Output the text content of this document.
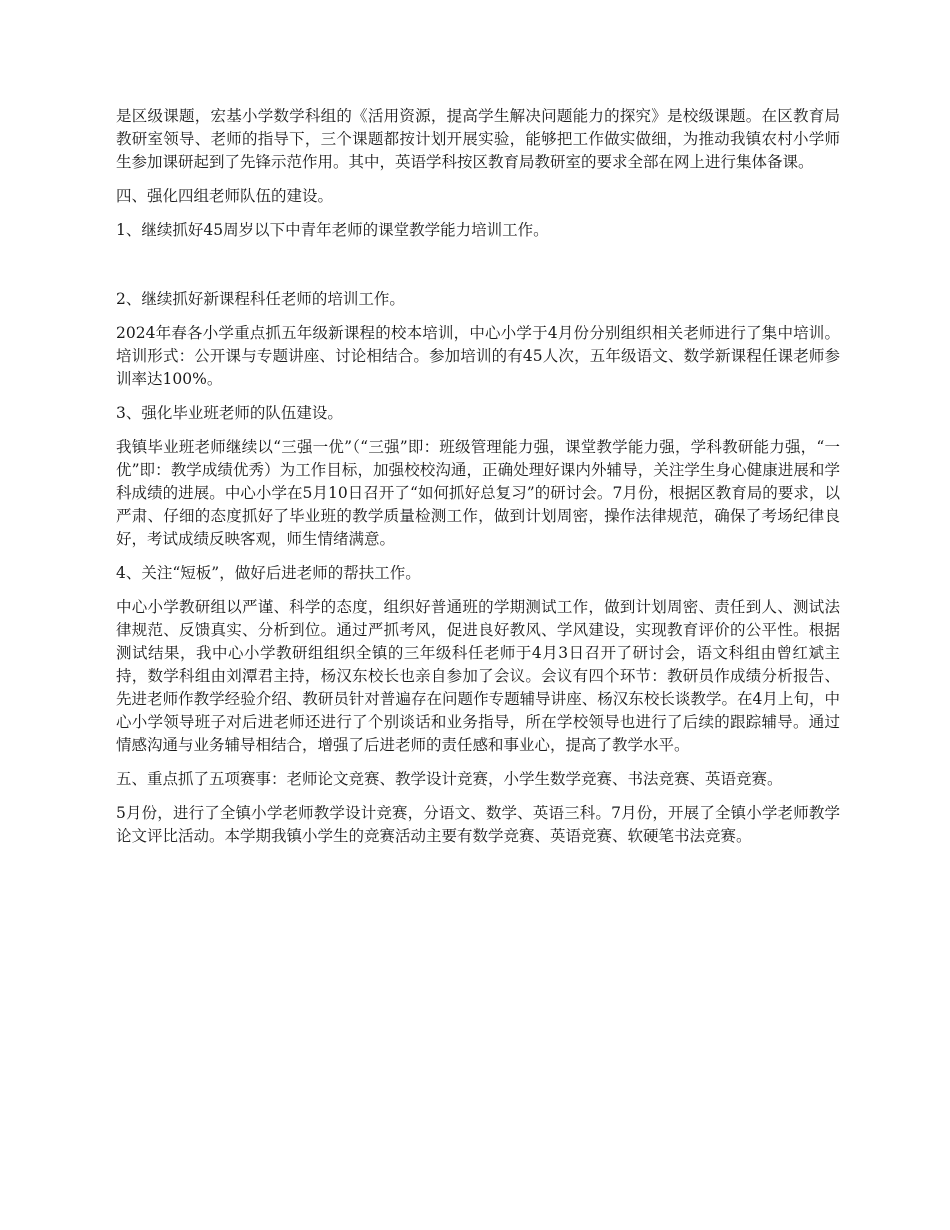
是区级课题，宏基小学数学科组的《活用资源，提高学生解决问题能力的探究》是校级课题。在区教育局教研室领导、老师的指导下，三个课题都按计划开展实验，能够把工作做实做细，为推动我镇农村小学师生参加课研起到了先锋示范作用。其中，英语学科按区教育局教研室的要求全部在网上进行集体备课。

四、强化四组老师队伍的建设。

1、继续抓好45周岁以下中青年老师的课堂教学能力培训工作。

2、继续抓好新课程科任老师的培训工作。

2024年春各小学重点抓五年级新课程的校本培训，中心小学于4月份分别组织相关老师进行了集中培训。培训形式：公开课与专题讲座、讨论相结合。参加培训的有45人次，五年级语文、数学新课程任课老师参训率达100%。

3、强化毕业班老师的队伍建设。

我镇毕业班老师继续以“三强一优”（“三强”即：班级管理能力强，课堂教学能力强，学科教研能力强，“一优”即：教学成绩优秀）为工作目标，加强校校沟通，正确处理好课内外辅导，关注学生身心健康进展和学科成绩的进展。中心小学在5月10日召开了“如何抓好总复习”的研讨会。7月份，根据区教育局的要求，以严肃、仔细的态度抓好了毕业班的教学质量检测工作，做到计划周密，操作法律规范，确保了考场纪律良好，考试成绩反映客观，师生情绪满意。

4、关注“短板”，做好后进老师的帮扶工作。

中心小学教研组以严谨、科学的态度，组织好普通班的学期测试工作，做到计划周密、责任到人、测试法律规范、反馈真实、分析到位。通过严抓考风，促进良好教风、学风建设，实现教育评价的公平性。根据测试结果，我中心小学教研组组织全镇的三年级科任老师于4月3日召开了研讨会，语文科组由曾红斌主持，数学科组由刘潭君主持，杨汉东校长也亲自参加了会议。会议有四个环节：教研员作成绩分析报告、先进老师作教学经验介绍、教研员针对普遍存在问题作专题辅导讲座、杨汉东校长谈教学。在4月上旬，中心小学领导班子对后进老师还进行了个别谈话和业务指导，所在学校领导也进行了后续的跟踪辅导。通过情感沟通与业务辅导相结合，增强了后进老师的责任感和事业心，提高了教学水平。

五、重点抓了五项赛事：老师论文竞赛、教学设计竞赛，小学生数学竞赛、书法竞赛、英语竞赛。

5月份，进行了全镇小学老师教学设计竞赛，分语文、数学、英语三科。7月份，开展了全镇小学老师教学论文评比活动。本学期我镇小学生的竞赛活动主要有数学竞赛、英语竞赛、软硬笔书法竞赛。
